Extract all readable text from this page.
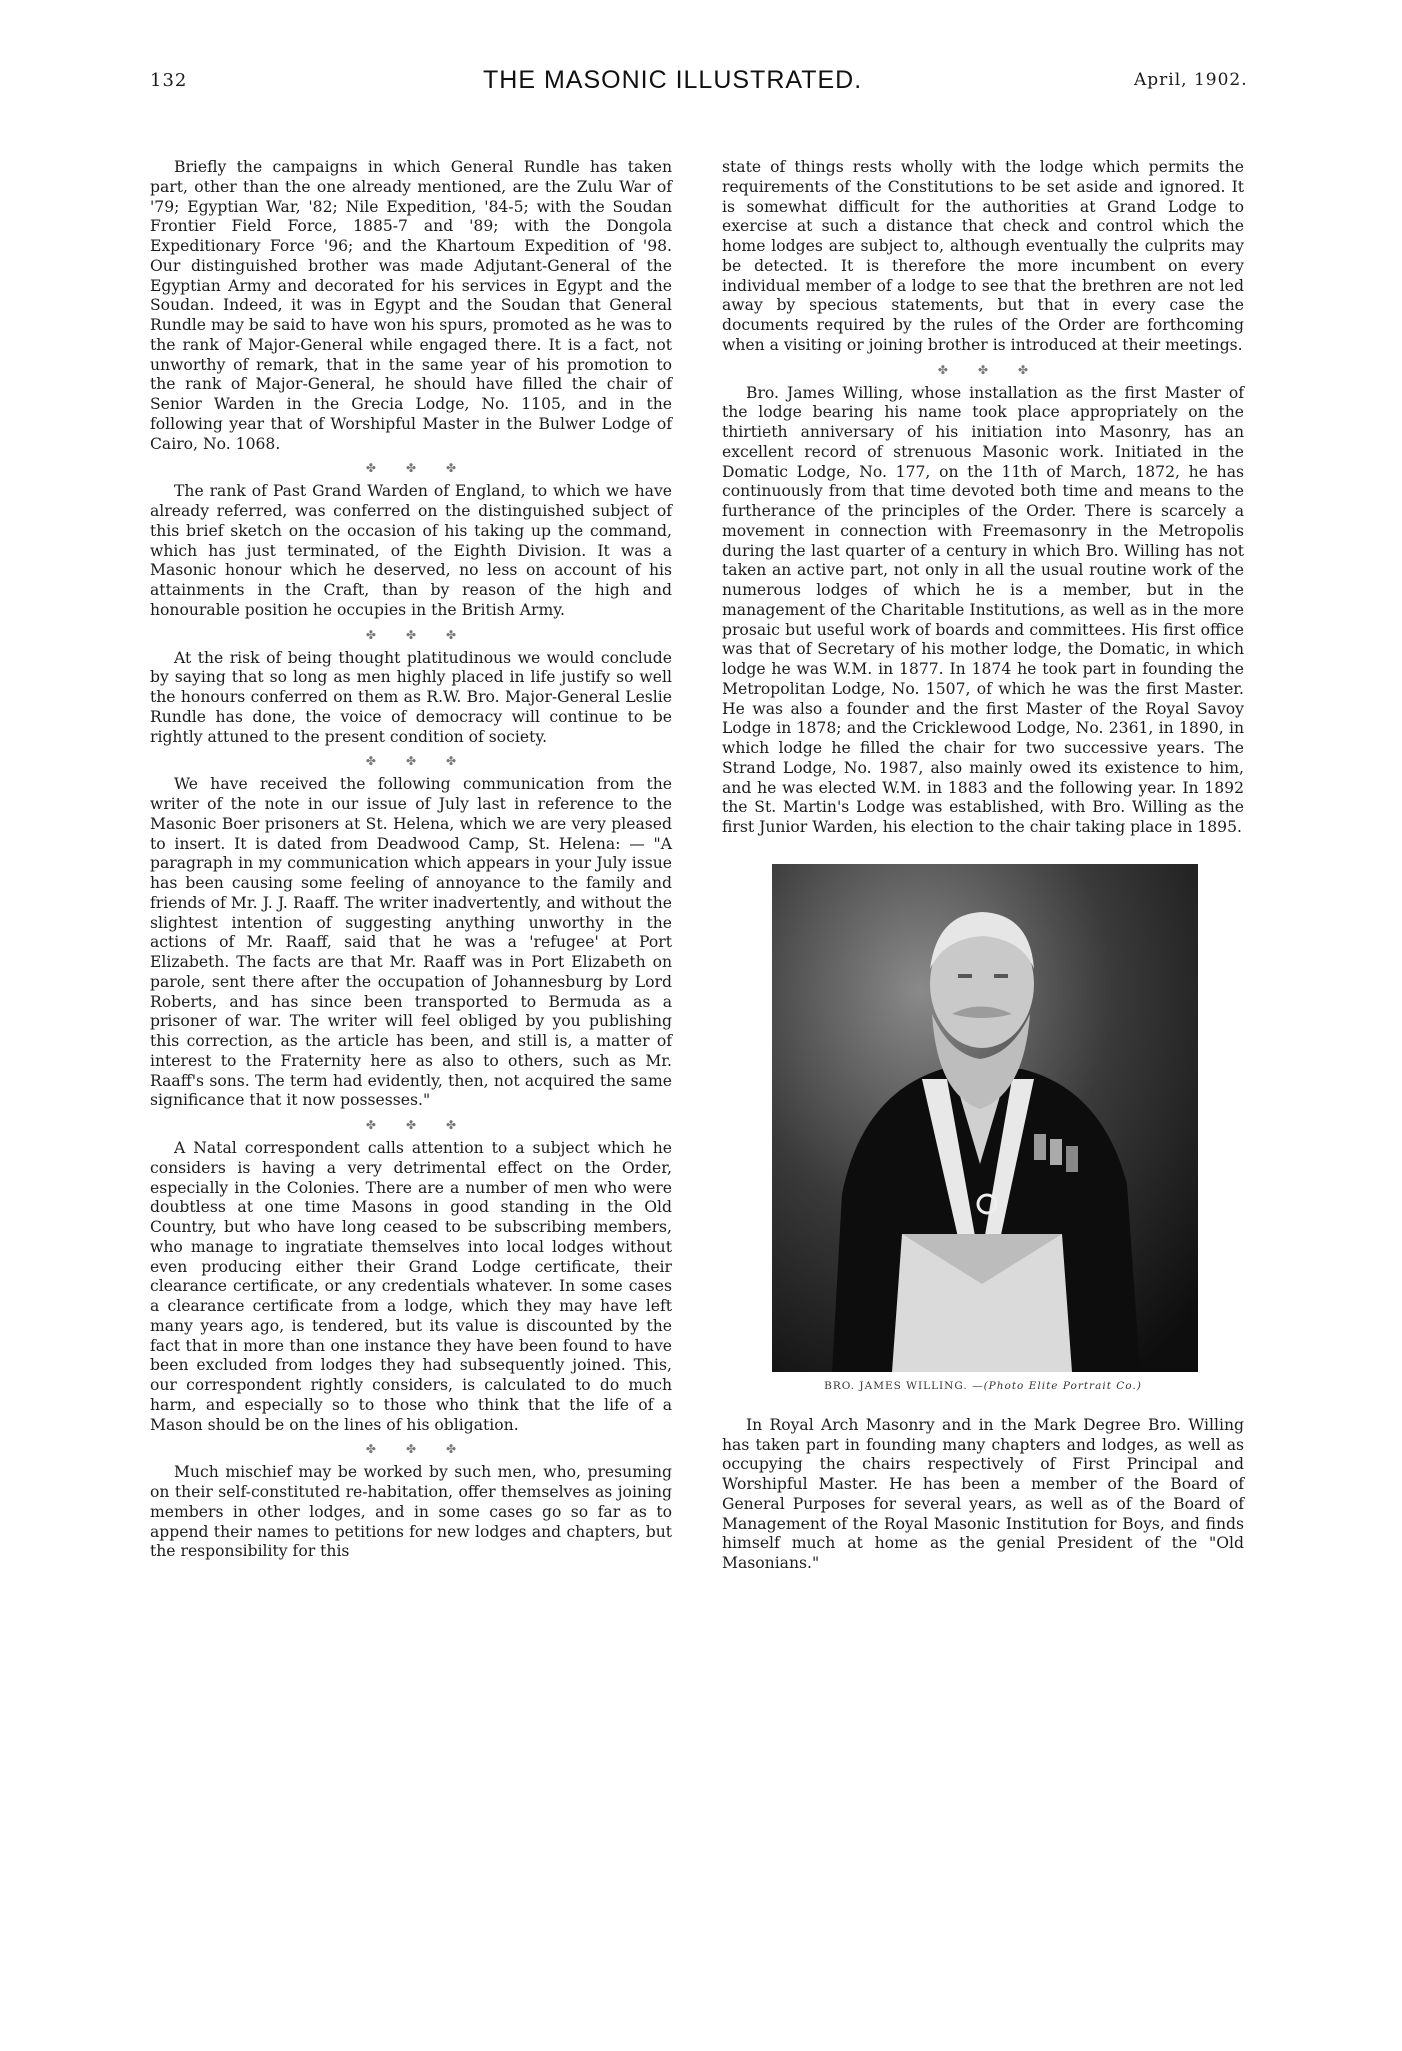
132	THE MASONIC ILLUSTRATED.	April, 1902.

Briefly the campaigns in which General Rundle has taken part, other than the one already mentioned, are the Zulu War of '79; Egyptian War, '82; Nile Expedition, '84-5; with the Soudan Frontier Field Force, 1885-7 and '89; with the Dongola Expeditionary Force '96; and the Khartoum Expedition of '98. Our distinguished brother was made Adjutant-General of the Egyptian Army and decorated for his services in Egypt and the Soudan. Indeed, it was in Egypt and the Soudan that General Rundle may be said to have won his spurs, promoted as he was to the rank of Major-General while engaged there. It is a fact, not unworthy of remark, that in the same year of his promotion to the rank of Major-General, he should have filled the chair of Senior Warden in the Grecia Lodge, No. 1105, and in the following year that of Worshipful Master in the Bulwer Lodge of Cairo, No. 1068.

✤	✤	✤

The rank of Past Grand Warden of England, to which we have already referred, was conferred on the distinguished subject of this brief sketch on the occasion of his taking up the command, which has just terminated, of the Eighth Division. It was a Masonic honour which he deserved, no less on account of his attainments in the Craft, than by reason of the high and honourable position he occupies in the British Army.

✤	✤	✤

At the risk of being thought platitudinous we would conclude by saying that so long as men highly placed in life justify so well the honours conferred on them as R.W. Bro. Major-General Leslie Rundle has done, the voice of democracy will continue to be rightly attuned to the present condition of society.

✤	✤	✤

We have received the following communication from the writer of the note in our issue of July last in reference to the Masonic Boer prisoners at St. Helena, which we are very pleased to insert. It is dated from Deadwood Camp, St. Helena: — "A paragraph in my communication which appears in your July issue has been causing some feeling of annoyance to the family and friends of Mr. J. J. Raaff. The writer inadvertently, and without the slightest intention of suggesting anything unworthy in the actions of Mr. Raaff, said that he was a 'refugee' at Port Elizabeth. The facts are that Mr. Raaff was in Port Elizabeth on parole, sent there after the occupation of Johannesburg by Lord Roberts, and has since been transported to Bermuda as a prisoner of war. The writer will feel obliged by you publishing this correction, as the article has been, and still is, a matter of interest to the Fraternity here as also to others, such as Mr. Raaff's sons. The term had evidently, then, not acquired the same significance that it now possesses."

✤	✤	✤

A Natal correspondent calls attention to a subject which he considers is having a very detrimental effect on the Order, especially in the Colonies. There are a number of men who were doubtless at one time Masons in good standing in the Old Country, but who have long ceased to be subscribing members, who manage to ingratiate themselves into local lodges without even producing either their Grand Lodge certificate, their clearance certificate, or any credentials whatever. In some cases a clearance certificate from a lodge, which they may have left many years ago, is tendered, but its value is discounted by the fact that in more than one instance they have been found to have been excluded from lodges they had subsequently joined. This, our correspondent rightly considers, is calculated to do much harm, and especially so to those who think that the life of a Mason should be on the lines of his obligation.

✤	✤	✤

Much mischief may be worked by such men, who, presuming on their self-constituted re-habitation, offer themselves as joining members in other lodges, and in some cases go so far as to append their names to petitions for new lodges and chapters, but the responsibility for this

state of things rests wholly with the lodge which permits the requirements of the Constitutions to be set aside and ignored. It is somewhat difficult for the authorities at Grand Lodge to exercise at such a distance that check and control which the home lodges are subject to, although eventually the culprits may be detected. It is therefore the more incumbent on every individual member of a lodge to see that the brethren are not led away by specious statements, but that in every case the documents required by the rules of the Order are forthcoming when a visiting or joining brother is introduced at their meetings.

✤	✤	✤

Bro. James Willing, whose installation as the first Master of the lodge bearing his name took place appropriately on the thirtieth anniversary of his initiation into Masonry, has an excellent record of strenuous Masonic work. Initiated in the Domatic Lodge, No. 177, on the 11th of March, 1872, he has continuously from that time devoted both time and means to the furtherance of the principles of the Order. There is scarcely a movement in connection with Freemasonry in the Metropolis during the last quarter of a century in which Bro. Willing has not taken an active part, not only in all the usual routine work of the numerous lodges of which he is a member, but in the management of the Charitable Institutions, as well as in the more prosaic but useful work of boards and committees. His first office was that of Secretary of his mother lodge, the Domatic, in which lodge he was W.M. in 1877. In 1874 he took part in founding the Metropolitan Lodge, No. 1507, of which he was the first Master. He was also a founder and the first Master of the Royal Savoy Lodge in 1878; and the Cricklewood Lodge, No. 2361, in 1890, in which lodge he filled the chair for two successive years. The Strand Lodge, No. 1987, also mainly owed its existence to him, and he was elected W.M. in 1883 and the following year. In 1892 the St. Martin's Lodge was established, with Bro. Willing as the first Junior Warden, his election to the chair taking place in 1895.

BRO. JAMES WILLING. —(Photo Elite Portrait Co.)

In Royal Arch Masonry and in the Mark Degree Bro. Willing has taken part in founding many chapters and lodges, as well as occupying the chairs respectively of First Principal and Worshipful Master. He has been a member of the Board of General Purposes for several years, as well as of the Board of Management of the Royal Masonic Institution for Boys, and finds himself much at home as the genial President of the "Old Masonians."
